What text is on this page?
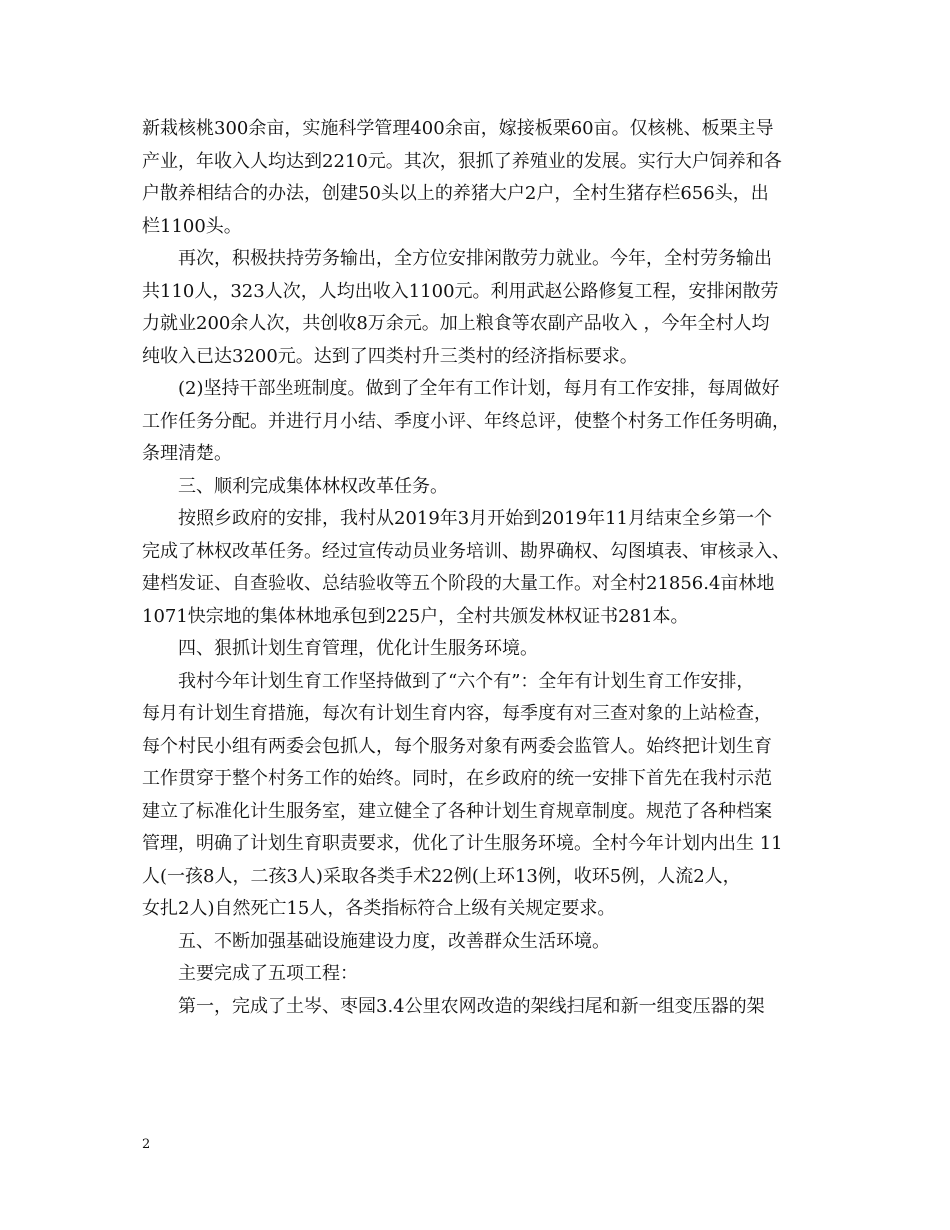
新栽核桃300余亩，实施科学管理400余亩，嫁接板栗60亩。仅核桃、板栗主导
产业，年收入人均达到2210元。其次，狠抓了养殖业的发展。实行大户饲养和各
户散养相结合的办法，创建50头以上的养猪大户2户，全村生猪存栏656头，出
栏1100头。

　　再次，积极扶持劳务输出，全方位安排闲散劳力就业。今年，全村劳务输出
共110人，323人次，人均出收入1100元。利用武赵公路修复工程，安排闲散劳
力就业200余人次，共创收8万余元。加上粮食等农副产品收入 ，今年全村人均
纯收入已达3200元。达到了四类村升三类村的经济指标要求。

　　(2)坚持干部坐班制度。做到了全年有工作计划，每月有工作安排，每周做好
工作任务分配。并进行月小结、季度小评、年终总评，使整个村务工作任务明确，
条理清楚。

　　三、顺利完成集体林权改革任务。

　　按照乡政府的安排，我村从2019年3月开始到2019年11月结束全乡第一个
完成了林权改革任务。经过宣传动员业务培训、勘界确权、勾图填表、审核录入、
建档发证、自查验收、总结验收等五个阶段的大量工作。对全村21856.4亩林地
1071快宗地的集体林地承包到225户，全村共颁发林权证书281本。

　　四、狠抓计划生育管理，优化计生服务环境。

　　我村今年计划生育工作坚持做到了“六个有”：全年有计划生育工作安排，
每月有计划生育措施，每次有计划生育内容，每季度有对三查对象的上站检查，
每个村民小组有两委会包抓人，每个服务对象有两委会监管人。始终把计划生育
工作贯穿于整个村务工作的始终。同时，在乡政府的统一安排下首先在我村示范
建立了标准化计生服务室，建立健全了各种计划生育规章制度。规范了各种档案
管理，明确了计划生育职责要求，优化了计生服务环境。全村今年计划内出生 11
人(一孩8人，二孩3人)采取各类手术22例(上环13例，收环5例，人流2人，
女扎2人)自然死亡15人，各类指标符合上级有关规定要求。

　　五、不断加强基础设施建设力度，改善群众生活环境。

　　主要完成了五项工程：

　　第一，完成了土岑、枣园3.4公里农网改造的架线扫尾和新一组变压器的架

2
